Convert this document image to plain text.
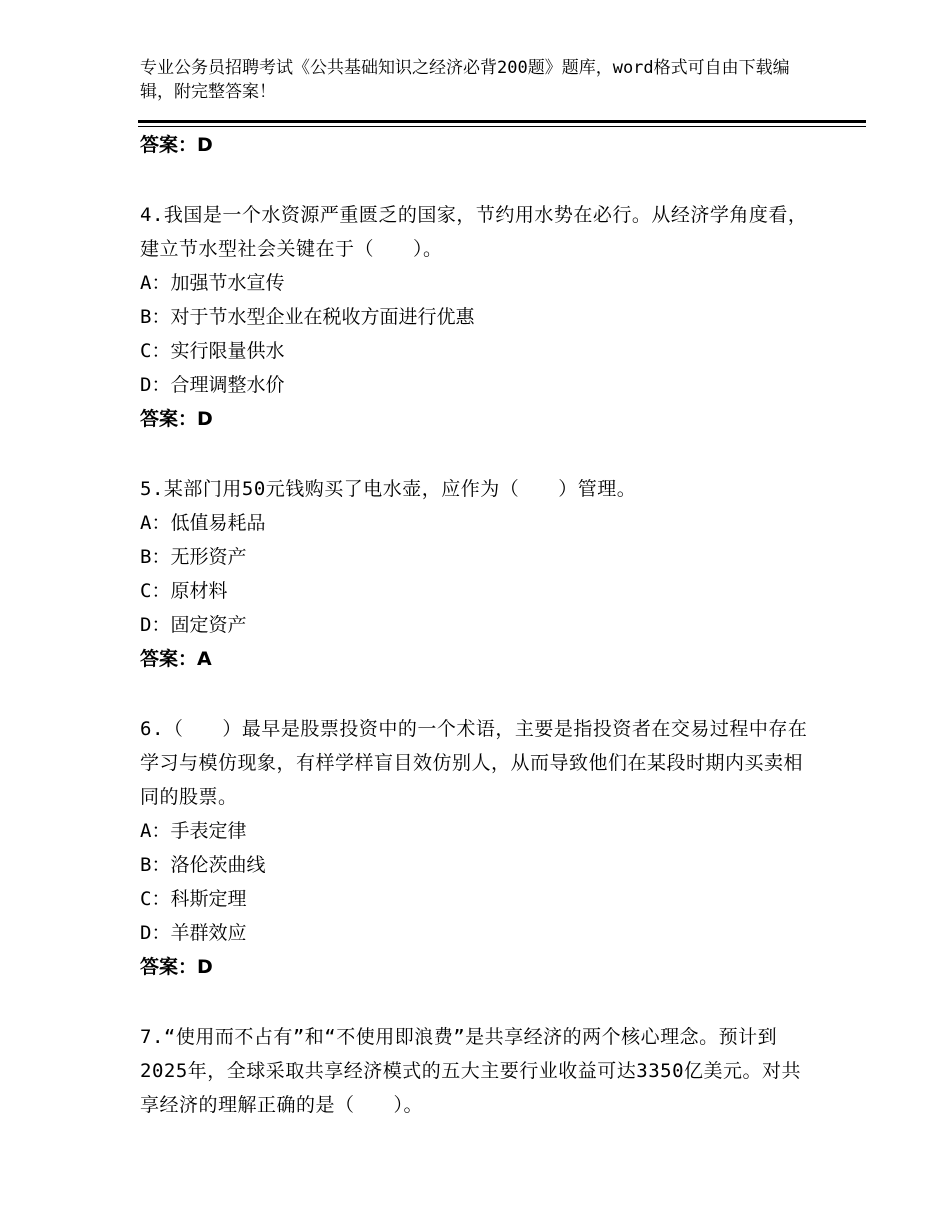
专业公务员招聘考试《公共基础知识之经济必背200题》题库，word格式可自由下载编辑，附完整答案！
答案：D
4.我国是一个水资源严重匮乏的国家，节约用水势在必行。从经济学角度看，建立节水型社会关键在于（　　）。
A：加强节水宣传
B：对于节水型企业在税收方面进行优惠
C：实行限量供水
D：合理调整水价
答案：D
5.某部门用50元钱购买了电水壶，应作为（　　）管理。
A：低值易耗品
B：无形资产
C：原材料
D：固定资产
答案：A
6.（　　）最早是股票投资中的一个术语，主要是指投资者在交易过程中存在学习与模仿现象，有样学样盲目效仿别人，从而导致他们在某段时期内买卖相同的股票。
A：手表定律
B：洛伦茨曲线
C：科斯定理
D：羊群效应
答案：D
7.“使用而不占有”和“不使用即浪费”是共享经济的两个核心理念。预计到2025年，全球采取共享经济模式的五大主要行业收益可达3350亿美元。对共享经济的理解正确的是（　　）。
